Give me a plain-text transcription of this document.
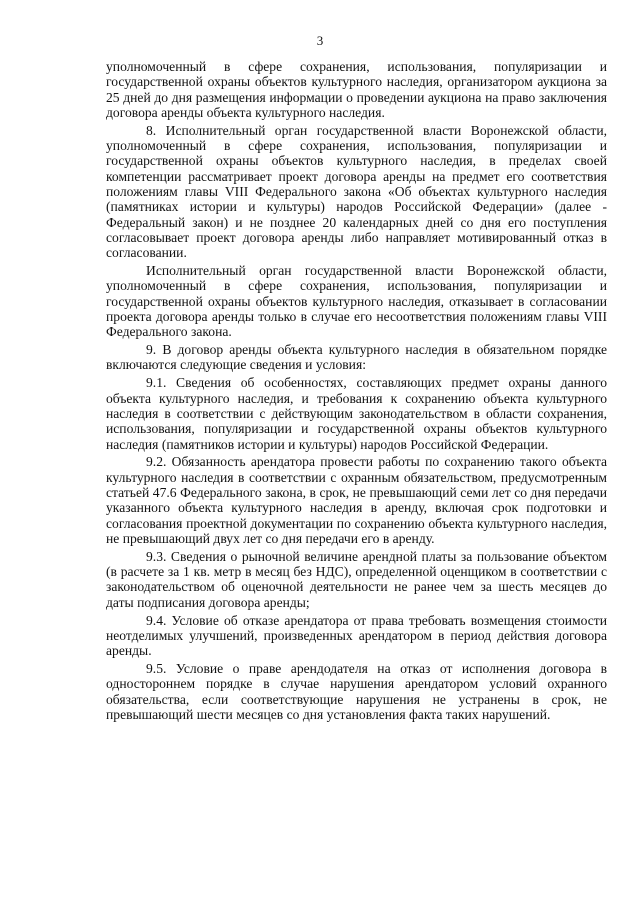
3

уполномоченный в сфере сохранения, использования, популяризации и государственной охраны объектов культурного наследия, организатором аукциона за 25 дней до дня размещения информации о проведении аукциона на право заключения договора аренды объекта культурного наследия.

8. Исполнительный орган государственной власти Воронежской области, уполномоченный в сфере сохранения, использования, популяризации и государственной охраны объектов культурного наследия, в пределах своей компетенции рассматривает проект договора аренды на предмет его соответствия положениям главы VIII Федерального закона «Об объектах культурного наследия (памятниках истории и культуры) народов Российской Федерации» (далее - Федеральный закон) и не позднее 20 календарных дней со дня его поступления согласовывает проект договора аренды либо направляет мотивированный отказ в согласовании.

Исполнительный орган государственной власти Воронежской области, уполномоченный в сфере сохранения, использования, популяризации и государственной охраны объектов культурного наследия, отказывает в согласовании проекта договора аренды только в случае его несоответствия положениям главы VIII Федерального закона.

9. В договор аренды объекта культурного наследия в обязательном порядке включаются следующие сведения и условия:

9.1. Сведения об особенностях, составляющих предмет охраны данного объекта культурного наследия, и требования к сохранению объекта культурного наследия в соответствии с действующим законодательством в области сохранения, использования, популяризации и государственной охраны объектов культурного наследия (памятников истории и культуры) народов Российской Федерации.

9.2. Обязанность арендатора провести работы по сохранению такого объекта культурного наследия в соответствии с охранным обязательством, предусмотренным статьей 47.6 Федерального закона, в срок, не превышающий семи лет со дня передачи указанного объекта культурного наследия в аренду, включая срок подготовки и согласования проектной документации по сохранению объекта культурного наследия, не превышающий двух лет со дня передачи его в аренду.

9.3. Сведения о рыночной величине арендной платы за пользование объектом (в расчете за 1 кв. метр в месяц без НДС), определенной оценщиком в соответствии с законодательством об оценочной деятельности не ранее чем за шесть месяцев до даты подписания договора аренды;

9.4. Условие об отказе арендатора от права требовать возмещения стоимости неотделимых улучшений, произведенных арендатором в период действия договора аренды.

9.5. Условие о праве арендодателя на отказ от исполнения договора в одностороннем порядке в случае нарушения арендатором условий охранного обязательства, если соответствующие нарушения не устранены в срок, не превышающий шести месяцев со дня установления факта таких нарушений.
